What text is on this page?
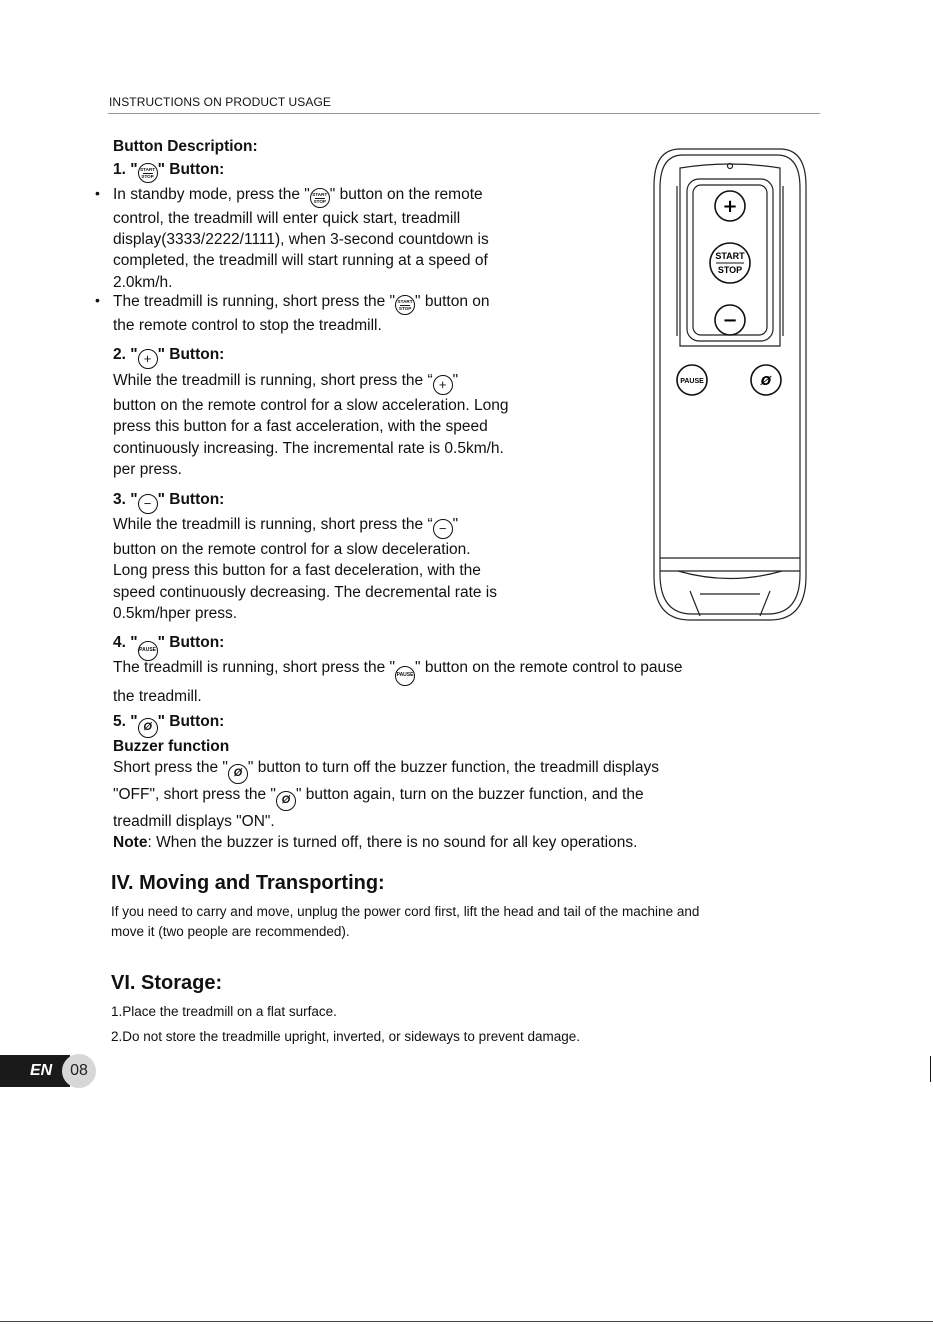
INSTRUCTIONS ON PRODUCT USAGE
Button Description:
1. " START
STOP " Button:
• In standby mode, press the " START
STOP " button on the remote
control, the treadmill will enter quick start, treadmill
display(3333/2222/1111), when 3-second countdown is
completed, the treadmill will start running at a speed of
2.0km/h.
• The treadmill is running, short press the " START
STOP " button on
the remote control to stop the treadmill.
2. " + " Button:
While the treadmill is running, short press the “ + "
button on the remote control for a slow acceleration. Long
press this button for a fast acceleration, with the speed
continuously increasing. The incremental rate is 0.5km/h.
per press.
3. " − " Button:
While the treadmill is running, short press the “ − "
button on the remote control for a slow deceleration.
Long press this button for a fast deceleration, with the
speed continuously decreasing. The decremental rate is
0.5km/hper press.
4. " PAUSE " Button:
The treadmill is running, short press the " PAUSE " button on the remote control to pause
the treadmill.
5. " Ø " Button:
Buzzer function
Short press the " Ø " button to turn off the buzzer function, the treadmill displays
"OFF", short press the " Ø " button again, turn on the buzzer function, and the
treadmill displays "ON".
Note: When the buzzer is turned off, there is no sound for all key operations.
IV. Moving and Transporting:
If you need to carry and move, unplug the power cord first, lift the head and tail of the machine and
move it (two people are recommended).
VI. Storage:
1.Place the treadmill on a flat surface.
2.Do not store the treadmille upright, inverted, or sideways to prevent damage.
+
START
STOP
−
PAUSE	Ø
EN	08
